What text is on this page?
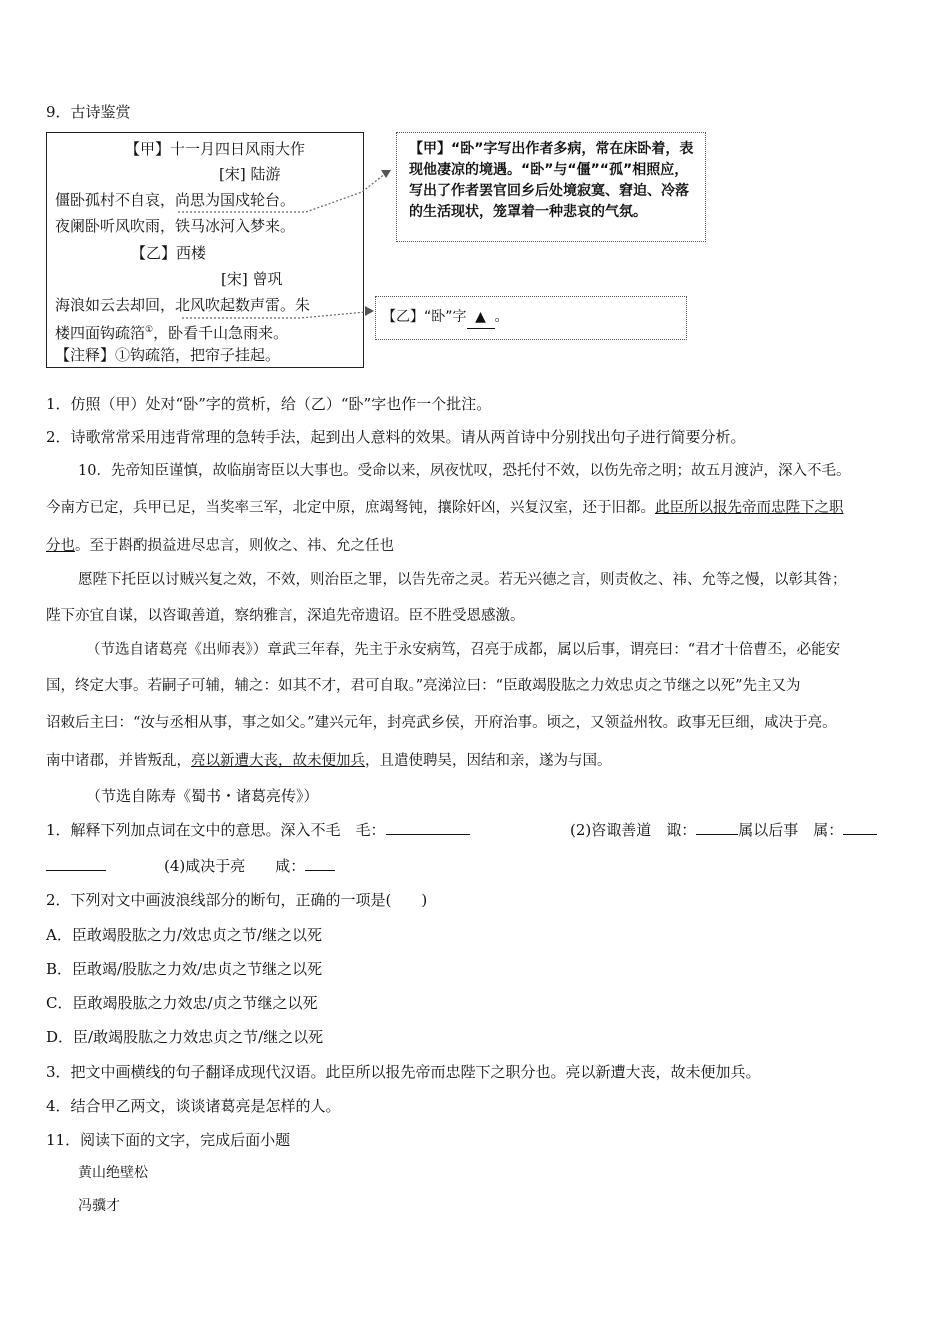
9．古诗鉴赏
【甲】十一月四日风雨大作
[宋] 陆游
僵卧孤村不自哀，尚思为国戍轮台。
夜阑卧听风吹雨，铁马冰河入梦来。
【乙】西楼
[宋] 曾巩
海浪如云去却回，北风吹起数声雷。朱
楼四面钩疏箔①，卧看千山急雨来。
【注释】①钩疏箔，把帘子挂起。
【甲】“卧”字写出作者多病，常在床卧着，表现他凄凉的境遇。“卧”与“僵”“孤”相照应，写出了作者罢官回乡后处境寂寞、窘迫、冷落的生活现状，笼罩着一种悲哀的气氛。
【乙】“卧”字 ▲ 。
1．仿照（甲）处对“卧”字的赏析，给（乙）“卧”字也作一个批注。
2．诗歌常常采用违背常理的急转手法，起到出人意料的效果。请从两首诗中分别找出句子进行简要分析。
10．先帝知臣谨慎，故临崩寄臣以大事也。受命以来，夙夜忧叹，恐托付不效，以伤先帝之明；故五月渡泸，深入不毛。
今南方已定，兵甲已足，当奖率三军，北定中原，庶竭驽钝，攘除奸凶，兴复汉室，还于旧都。此臣所以报先帝而忠陛下之职
分也。至于斟酌损益进尽忠言，则攸之、祎、允之任也
愿陛下托臣以讨贼兴复之效，不效，则治臣之罪，以告先帝之灵。若无兴德之言，则责攸之、祎、允等之慢，以彰其咎；
陛下亦宜自谋，以咨诹善道，察纳雅言，深追先帝遗诏。臣不胜受恩感激。
（节选自诸葛亮《出师表》）章武三年春，先主于永安病笃，召亮于成都，属以后事，谓亮曰：“君才十倍曹丕，必能安
国，终定大事。若嗣子可辅，辅之：如其不才，君可自取。”亮涕泣曰：“臣敢竭股肱之力效忠贞之节继之以死”先主又为
诏敕后主曰：“汝与丞相从事，事之如父。”建兴元年，封亮武乡侯，开府治事。顷之，又领益州牧。政事无巨细，咸决于亮。
南中诸郡，并皆叛乱，亮以新遭大丧，故未便加兵，且遣使聘吴，因结和亲，遂为与国。
（节选自陈寿《蜀书・诸葛亮传》）
1．解释下列加点词在文中的意思。深入不毛　毛：	(2)咨诹善道　诹：	属以后事　属：
(4)咸决于亮　　咸：
2．下列对文中画波浪线部分的断句，正确的一项是(　　)
A．臣敢竭股肱之力/效忠贞之节/继之以死
B．臣敢竭/股肱之力效/忠贞之节继之以死
C．臣敢竭股肱之力效忠/贞之节继之以死
D．臣/敢竭股肱之力效忠贞之节/继之以死
3．把文中画横线的句子翻译成现代汉语。此臣所以报先帝而忠陛下之职分也。亮以新遭大丧，故未便加兵。
4．结合甲乙两文，谈谈诸葛亮是怎样的人。
11．阅读下面的文字，完成后面小题
黄山绝壁松
冯骥才
